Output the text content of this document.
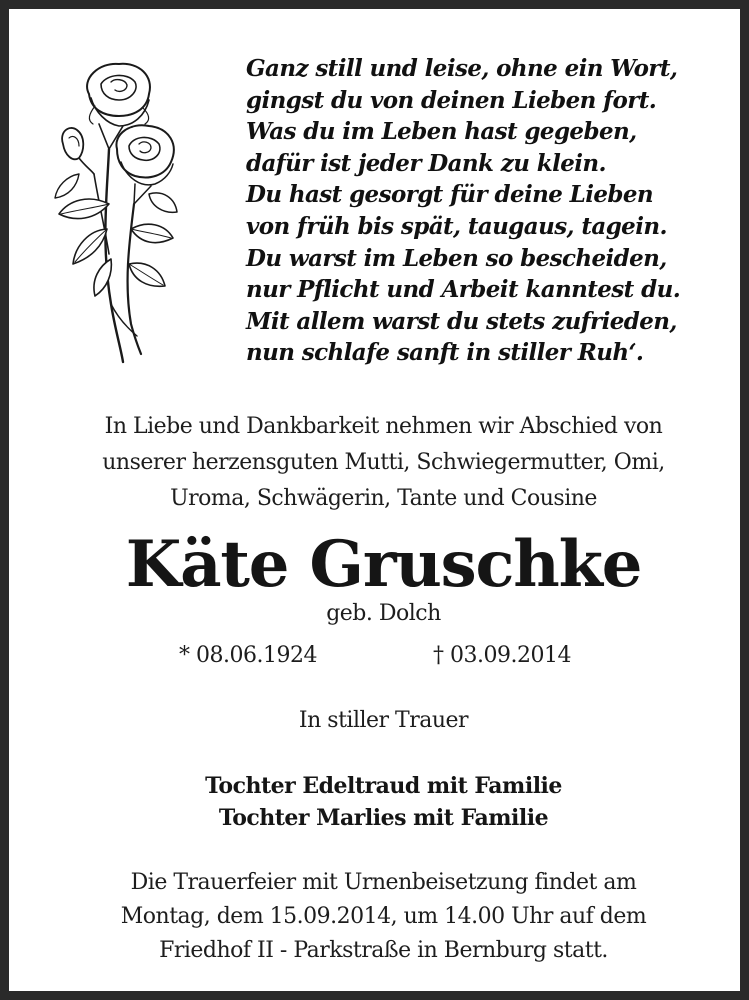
Ganz still und leise, ohne ein Wort,
gingst du von deinen Lieben fort.
Was du im Leben hast gegeben,
dafür ist jeder Dank zu klein.
Du hast gesorgt für deine Lieben
von früh bis spät, taugaus, tagein.
Du warst im Leben so bescheiden,
nur Pflicht und Arbeit kanntest du.
Mit allem warst du stets zufrieden,
nun schlafe sanft in stiller Ruh‘.
In Liebe und Dankbarkeit nehmen wir Abschied von
unserer herzensguten Mutti, Schwiegermutter, Omi,
Uroma, Schwägerin, Tante und Cousine
Käte Gruschke
geb. Dolch
* 08.06.1924	† 03.09.2014
In stiller Trauer
Tochter Edeltraud mit Familie
Tochter Marlies mit Familie
Die Trauerfeier mit Urnenbeisetzung findet am
Montag, dem 15.09.2014, um 14.00 Uhr auf dem
Friedhof II - Parkstraße in Bernburg statt.
